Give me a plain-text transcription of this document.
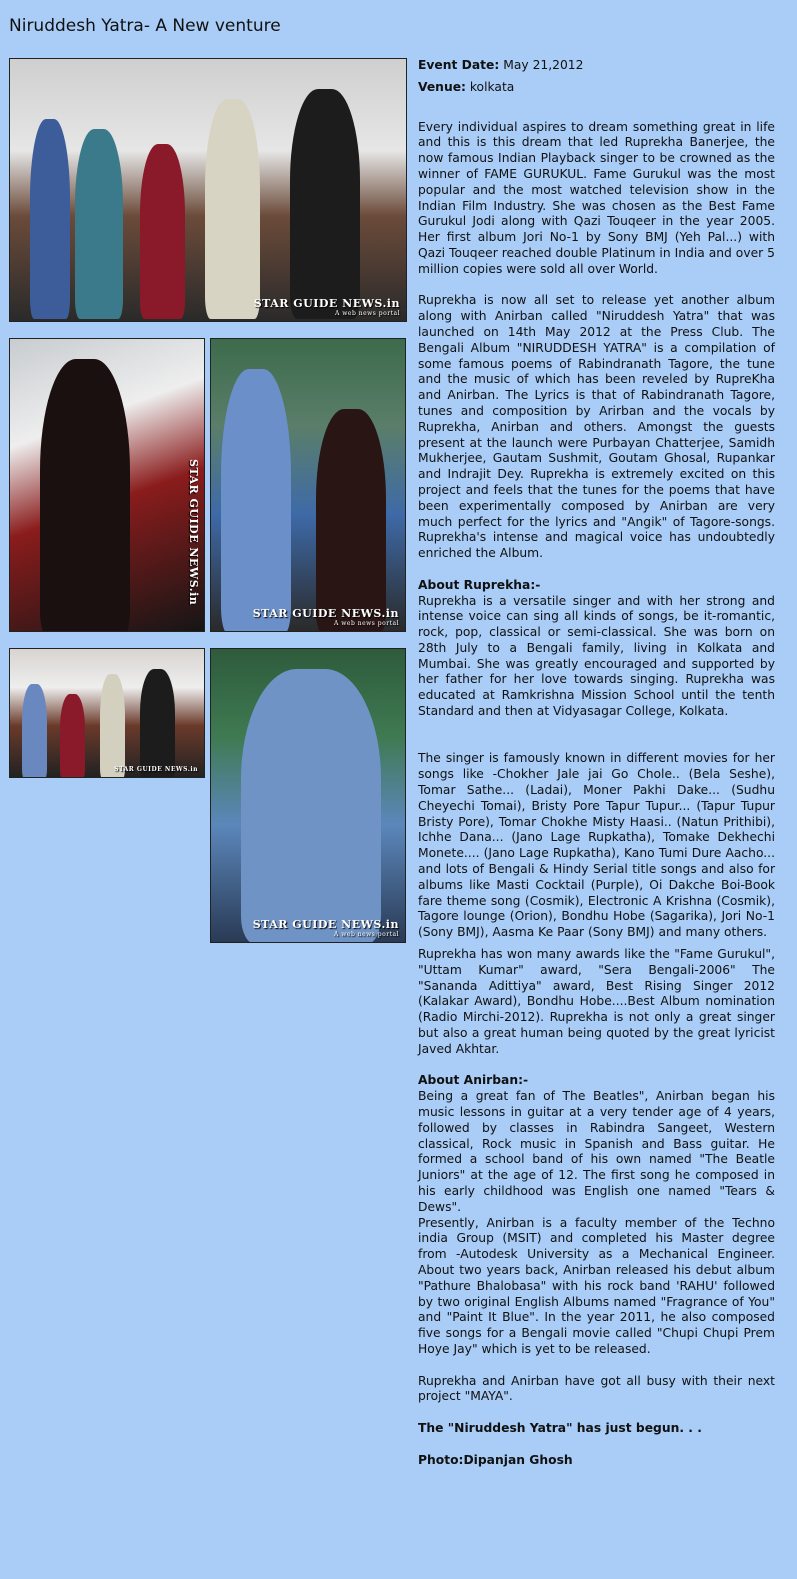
Niruddesh Yatra- A New venture
STAR GUIDE NEWS.in
A web news portal
STAR GUIDE NEWS.in
STAR GUIDE NEWS.in
A web news portal
STAR GUIDE NEWS.in
STAR GUIDE NEWS.in
A web news portal

Event Date: May 21,2012

Venue: kolkata

Every individual aspires to dream something great in life and this is this dream that led Ruprekha Banerjee, the now famous Indian Playback singer to be crowned as the winner of FAME GURUKUL. Fame Gurukul was the most popular and the most watched television show in the Indian Film Industry. She was chosen as the Best Fame Gurukul Jodi along with Qazi Touqeer in the year 2005. Her first album Jori No-1 by Sony BMJ (Yeh Pal...) with Qazi Touqeer reached double Platinum in India and over 5 million copies were sold all over World.

Ruprekha is now all set to release yet another album along with Anirban called "Niruddesh Yatra" that was launched on 14th May 2012 at the Press Club. The Bengali Album "NIRUDDESH YATRA" is a compilation of some famous poems of Rabindranath Tagore, the tune and the music of which has been reveled by RupreKha and Anirban. The Lyrics is that of Rabindranath Tagore, tunes and composition by Arirban and the vocals by Ruprekha, Anirban and others. Amongst the guests present at the launch were Purbayan Chatterjee, Samidh Mukherjee, Gautam Sushmit, Goutam Ghosal, Rupankar and Indrajit Dey. Ruprekha is extremely excited on this project and feels that the tunes for the poems that have been experimentally composed by Anirban are very much perfect for the lyrics and "Angik" of Tagore-songs. Ruprekha's intense and magical voice has undoubtedly enriched the Album.

About Ruprekha:-

Ruprekha is a versatile singer and with her strong and intense voice can sing all kinds of songs, be it-romantic, rock, pop, classical or semi-classical. She was born on 28th July to a Bengali family, living in Kolkata and Mumbai. She was greatly encouraged and supported by her father for her love towards singing. Ruprekha was educated at Ramkrishna Mission School until the tenth Standard and then at Vidyasagar College, Kolkata.

The singer is famously known in different movies for her songs like -Chokher Jale jai Go Chole.. (Bela Seshe), Tomar Sathe... (Ladai), Moner Pakhi Dake... (Sudhu Cheyechi Tomai), Bristy Pore Tapur Tupur... (Tapur Tupur Bristy Pore), Tomar Chokhe Misty Haasi.. (Natun Prithibi), Ichhe Dana... (Jano Lage Rupkatha), Tomake Dekhechi Monete.... (Jano Lage Rupkatha), Kano Tumi Dure Aacho... and lots of Bengali & Hindy Serial title songs and also for albums like Masti Cocktail (Purple), Oi Dakche Boi-Book fare theme song (Cosmik), Electronic A Krishna (Cosmik), Tagore lounge (Orion), Bondhu Hobe (Sagarika), Jori No-1 (Sony BMJ), Aasma Ke Paar (Sony BMJ) and many others.

Ruprekha has won many awards like the "Fame Gurukul", "Uttam Kumar" award, "Sera Bengali-2006" The "Sananda Adittiya" award, Best Rising Singer 2012 (Kalakar Award), Bondhu Hobe....Best Album nomination (Radio Mirchi-2012). Ruprekha is not only a great singer but also a great human being quoted by the great lyricist Javed Akhtar.

About Anirban:-

Being a great fan of The Beatles", Anirban began his music lessons in guitar at a very tender age of 4 years, followed by classes in Rabindra Sangeet, Western classical, Rock music in Spanish and Bass guitar. He formed a school band of his own named "The Beatle Juniors" at the age of 12. The first song he composed in his early childhood was English one named "Tears & Dews".

Presently, Anirban is a faculty member of the Techno india Group (MSIT) and completed his Master degree from -Autodesk University as a Mechanical Engineer. About two years back, Anirban released his debut album "Pathure Bhalobasa" with his rock band 'RAHU' followed by two original English Albums named "Fragrance of You" and "Paint It Blue". In the year 2011, he also composed five songs for a Bengali movie called "Chupi Chupi Prem Hoye Jay" which is yet to be released.

Ruprekha and Anirban have got all busy with their next project "MAYA".

The "Niruddesh Yatra" has just begun. . .

Photo:Dipanjan Ghosh
